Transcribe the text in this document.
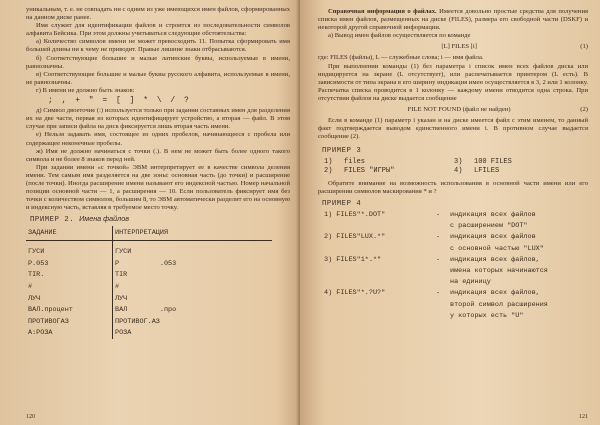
уникальным, т. е. не совпадать ни с одним из уже имеющихся имен файлов, сформированных на данном диске ранее.

Имя служит для идентификации файлов и строится из последовательности символов алфавита Бейсика. При этом должны учитываться следующие обстоятельства:

а) Количество символов имени не может превосходить 11. Попытка сформировать имя большей длины ни к чему не приводит. Правые лишние знаки отбрасываются.

б) Соответствующие большие и малые латинские буквы, используемые в имени, равнозначны.

в) Соответствующие большие и малые буквы русского алфавита, используемые в имени, не равнозначны.

г) В имени не должно быть знаков:

; , + " = [ ] * \ / ?

д) Символ двоеточие (:) используется только при задании составных имен для разделения их на две части, первая из которых идентифицирует устройство, а вторая — файл. В этом случае при записи файла на диск фиксируется лишь вторая часть имени.

е) Нельзя задавать имя, состоящее из одних пробелов, начинающееся с пробела или содержащее неконечные пробелы.

ж) Имя не должно начинаться с точки (.). В нем не может быть более одного такого символа и не более 8 знаков перед ней.

При задании имени «с точкой» ЭВМ интерпретирует ее в качестве символа деления имени. Тем самым имя разделяется на две зоны: основная часть (до точки) и расширение (после точки). Иногда расширение имени называют его индексной частью. Номер начальной позиции основной части — 1, а расширения — 10. Если пользователь фиксирует имя без точки с количеством символов, большим 8, то ЭВМ автоматически разделит его на основную и индексную часть, вставляя в требуемое место точку.

ПРИМЕР 2. Имена файлов
ЗАДАНИЕ	ИНТЕРПРЕТАЦИЯ

ГУСИ	ГУСИ
Р.053	Р          .053
TIR.	TIR
#	#
ЛУЧ	ЛУЧ
ВАЛ.процент	ВАЛ        .про
ПРОТИВОГАЗ	ПРОТИВОГ.АЗ
А:РОЗА	РОЗА
120

Справочная информация о файлах. Имеется довольно простые средства для получения списка имен файлов, размещенных на диске (FILES), размера его свободной части (DSKF) и некоторой другой справочной информации.

а) Вывод имен файлов осуществляется по команде

[L] FILES [i]	(1)

где: FILES (файлы), L — служебные слова; i — имя файла.

При выполнении команды (1) без параметра i список имен всех файлов диска или индицируется на экране (L отсутствует), или распечатывается принтером (L есть). В зависимости от типа экрана в его ширину индикация имен осуществляется в 3, 2 или 1 колонку. Распечатка списка проводится в 1 колонку — каждому имени отводится одна строка. При отсутствии файлов на диске выдается сообщение

FILE NOT FOUND (файл не найден)	(2)

Если в команде (1) параметр i указан и на диске имеется файл с этим именем, то данный факт подтверждается выводом единственного имени i. В противном случае выдается сообщение (2).

ПРИМЕР 3
1)	files	3)	100 FILES
2)	FILES "ИГРЫ"	4)	LFILES

Обратите внимание на возможность использования в основной части имени или его расширении символов маскирования * и ?

ПРИМЕР 4
1) FILES"*.DOT"	-	индикация всех файлов
с расширением "DOT"
2) FILES"LUX.*"	-	индикация всех файлов
с основной частью "LUX"
3) FILES"1*.*"	-	индикация всех файлов,
имена которых начинаются
на единицу
4) FILES"*.?U?"	-	индикация всех файлов,
второй символ расширения
у которых есть "U"
121
